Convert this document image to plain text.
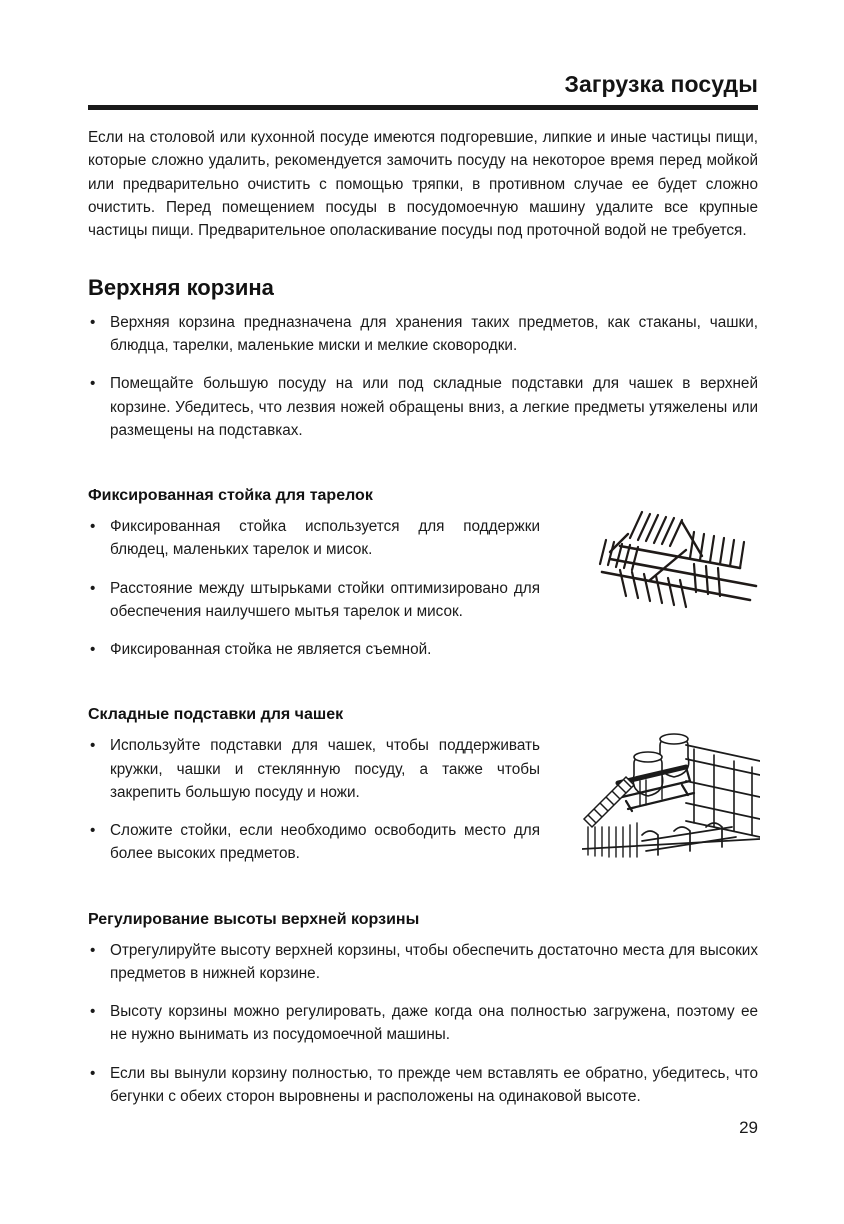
Загрузка посуды

Если на столовой или кухонной посуде имеются подгоревшие, липкие и иные частицы пищи, которые сложно удалить, рекомендуется замочить посуду на некоторое время перед мойкой или предварительно очистить с помощью тряпки, в противном случае ее будет сложно очистить. Перед помещением посуды в посудомоечную машину удалите все крупные частицы пищи. Предварительное ополаскивание посуды под проточной водой не требуется.

Верхняя корзина

• Верхняя корзина предназначена для хранения таких предметов, как стаканы, чашки, блюдца, тарелки, маленькие миски и мелкие сковородки.

• Помещайте большую посуду на или под складные подставки для чашек в верхней корзине. Убедитесь, что лезвия ножей обращены вниз, а легкие предметы утяжелены или размещены на подставках.

Фиксированная стойка для тарелок

• Фиксированная стойка используется для поддержки блюдец, маленьких тарелок и мисок.

• Расстояние между штырьками стойки оптимизировано для обеспечения наилучшего мытья тарелок и мисок.

• Фиксированная стойка не является съемной.

Складные подставки для чашек

• Используйте подставки для чашек, чтобы поддерживать кружки, чашки и стеклянную посуду, а также чтобы закрепить большую посуду и ножи.

• Сложите стойки, если необходимо освободить место для более высоких предметов.

Регулирование высоты верхней корзины

• Отрегулируйте высоту верхней корзины, чтобы обеспечить достаточно места для высоких предметов в нижней корзине.

• Высоту корзины можно регулировать, даже когда она полностью загружена, поэтому ее не нужно вынимать из посудомоечной машины.

• Если вы вынули корзину полностью, то прежде чем вставлять ее обратно, убедитесь, что бегунки с обеих сторон выровнены и расположены на одинаковой высоте.

29
